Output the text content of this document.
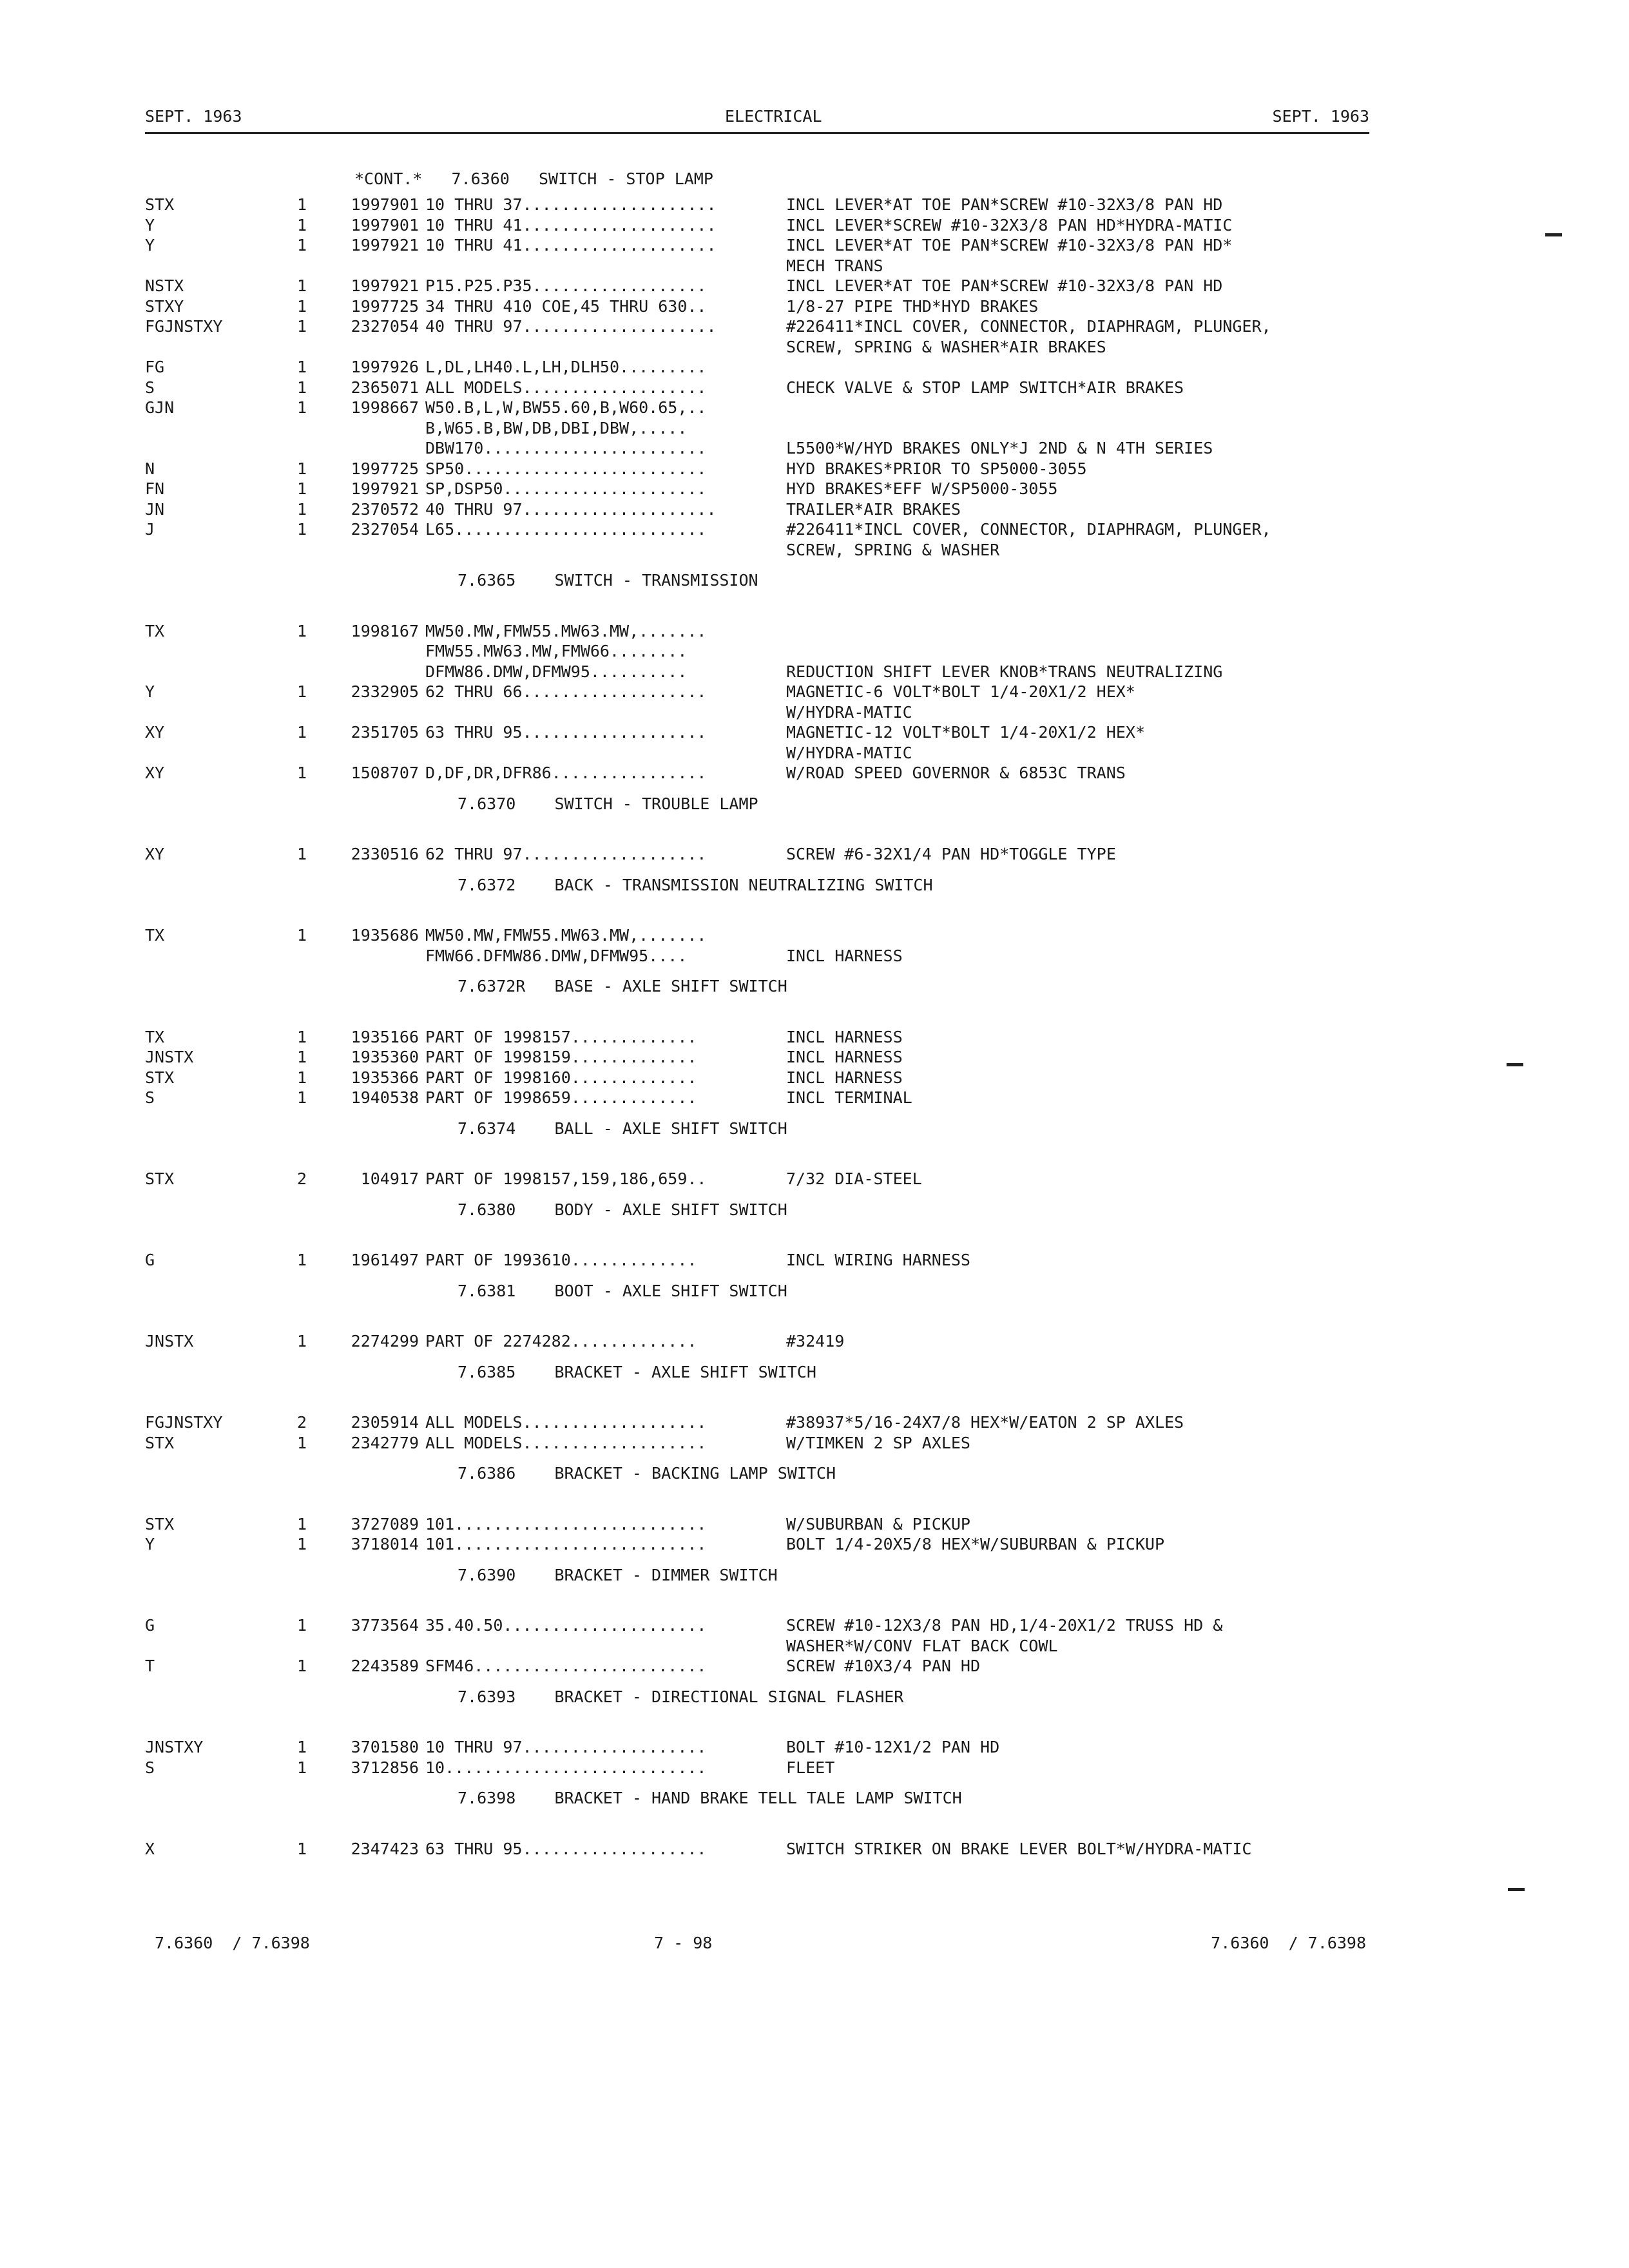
SEPT. 1963	ELECTRICAL	SEPT. 1963
*CONT.*   7.6360   SWITCH - STOP LAMP
STX	1	1997901 10 THRU 37....................	INCL LEVER*AT TOE PAN*SCREW #10-32X3/8 PAN HD
Y	1	1997901 10 THRU 41....................	INCL LEVER*SCREW #10-32X3/8 PAN HD*HYDRA-MATIC
Y	1	1997921 10 THRU 41....................	INCL LEVER*AT TOE PAN*SCREW #10-32X3/8 PAN HD*
MECH TRANS
NSTX	1	1997921 P15.P25.P35..................	INCL LEVER*AT TOE PAN*SCREW #10-32X3/8 PAN HD
STXY	1	1997725 34 THRU 410 COE,45 THRU 630..	1/8-27 PIPE THD*HYD BRAKES
FGJNSTXY	1	2327054 40 THRU 97....................	#226411*INCL COVER, CONNECTOR, DIAPHRAGM, PLUNGER,
SCREW, SPRING & WASHER*AIR BRAKES
FG	1	1997926 L,DL,LH40.L,LH,DLH50.........
S	1	2365071 ALL MODELS...................	CHECK VALVE & STOP LAMP SWITCH*AIR BRAKES
GJN	1	1998667 W50.B,L,W,BW55.60,B,W60.65,..
B,W65.B,BW,DB,DBI,DBW,.....
DBW170.......................	L5500*W/HYD BRAKES ONLY*J 2ND & N 4TH SERIES
N	1	1997725 SP50.........................	HYD BRAKES*PRIOR TO SP5000-3055
FN	1	1997921 SP,DSP50.....................	HYD BRAKES*EFF W/SP5000-3055
JN	1	2370572 40 THRU 97....................	TRAILER*AIR BRAKES
J	1	2327054 L65..........................	#226411*INCL COVER, CONNECTOR, DIAPHRAGM, PLUNGER,
SCREW, SPRING & WASHER
7.6365    SWITCH - TRANSMISSION
TX	1	1998167 MW50.MW,FMW55.MW63.MW,.......
FMW55.MW63.MW,FMW66........
DFMW86.DMW,DFMW95..........	REDUCTION SHIFT LEVER KNOB*TRANS NEUTRALIZING
Y	1	2332905 62 THRU 66...................	MAGNETIC-6 VOLT*BOLT 1/4-20X1/2 HEX*
W/HYDRA-MATIC
XY	1	2351705 63 THRU 95...................	MAGNETIC-12 VOLT*BOLT 1/4-20X1/2 HEX*
W/HYDRA-MATIC
XY	1	1508707 D,DF,DR,DFR86................	W/ROAD SPEED GOVERNOR & 6853C TRANS
7.6370    SWITCH - TROUBLE LAMP
XY	1	2330516 62 THRU 97...................	SCREW #6-32X1/4 PAN HD*TOGGLE TYPE
7.6372    BACK - TRANSMISSION NEUTRALIZING SWITCH
TX	1	1935686 MW50.MW,FMW55.MW63.MW,.......
FMW66.DFMW86.DMW,DFMW95....	INCL HARNESS
7.6372R   BASE - AXLE SHIFT SWITCH
TX	1	1935166 PART OF 1998157.............	INCL HARNESS
JNSTX	1	1935360 PART OF 1998159.............	INCL HARNESS
STX	1	1935366 PART OF 1998160.............	INCL HARNESS
S	1	1940538 PART OF 1998659.............	INCL TERMINAL
7.6374    BALL - AXLE SHIFT SWITCH
STX	2	104917 PART OF 1998157,159,186,659..	7/32 DIA-STEEL
7.6380    BODY - AXLE SHIFT SWITCH
G	1	1961497 PART OF 1993610.............	INCL WIRING HARNESS
7.6381    BOOT - AXLE SHIFT SWITCH
JNSTX	1	2274299 PART OF 2274282.............	#32419
7.6385    BRACKET - AXLE SHIFT SWITCH
FGJNSTXY	2	2305914 ALL MODELS...................	#38937*5/16-24X7/8 HEX*W/EATON 2 SP AXLES
STX	1	2342779 ALL MODELS...................	W/TIMKEN 2 SP AXLES
7.6386    BRACKET - BACKING LAMP SWITCH
STX	1	3727089 101..........................	W/SUBURBAN & PICKUP
Y	1	3718014 101..........................	BOLT 1/4-20X5/8 HEX*W/SUBURBAN & PICKUP
7.6390    BRACKET - DIMMER SWITCH
G	1	3773564 35.40.50.....................	SCREW #10-12X3/8 PAN HD,1/4-20X1/2 TRUSS HD &
WASHER*W/CONV FLAT BACK COWL
T	1	2243589 SFM46........................	SCREW #10X3/4 PAN HD
7.6393    BRACKET - DIRECTIONAL SIGNAL FLASHER
JNSTXY	1	3701580 10 THRU 97...................	BOLT #10-12X1/2 PAN HD
S	1	3712856 10...........................	FLEET
7.6398    BRACKET - HAND BRAKE TELL TALE LAMP SWITCH
X	1	2347423 63 THRU 95...................	SWITCH STRIKER ON BRAKE LEVER BOLT*W/HYDRA-MATIC
7.6360  / 7.6398	7 - 98	7.6360  / 7.6398
